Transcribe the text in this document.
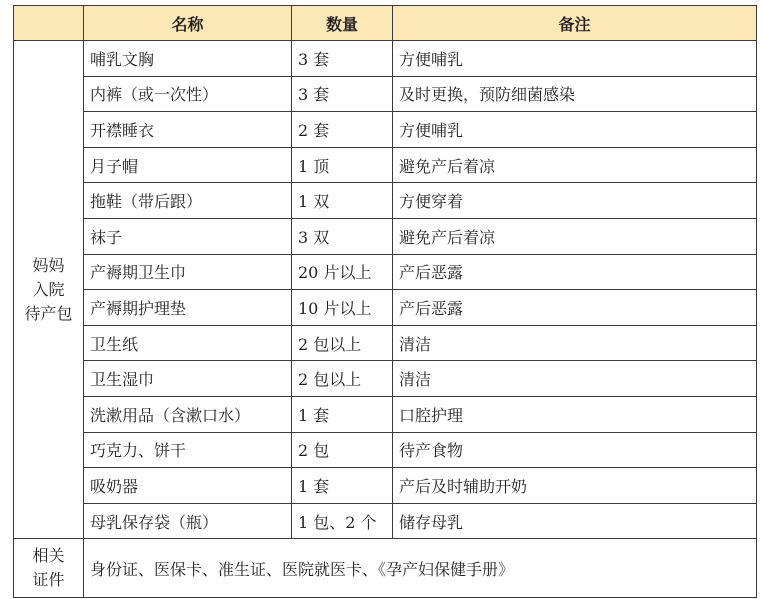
	名称	数量	备注

妈妈
入院
待产包	哺乳文胸	3 套	方便哺乳
	内裤（或一次性）	3 套	及时更换，预防细菌感染
	开襟睡衣	2 套	方便哺乳
	月子帽	1 顶	避免产后着凉
	拖鞋（带后跟）	1 双	方便穿着
	袜子	3 双	避免产后着凉
	产褥期卫生巾	20 片以上	产后恶露
	产褥期护理垫	10 片以上	产后恶露
	卫生纸	2 包以上	清洁
	卫生湿巾	2 包以上	清洁
	洗漱用品（含漱口水）	1 套	口腔护理
	巧克力、饼干	2 包	待产食物
	吸奶器	1 套	产后及时辅助开奶
	母乳保存袋（瓶）	1 包、2 个	储存母乳

相关
证件	身份证、医保卡、准生证、医院就医卡、《孕产妇保健手册》		
